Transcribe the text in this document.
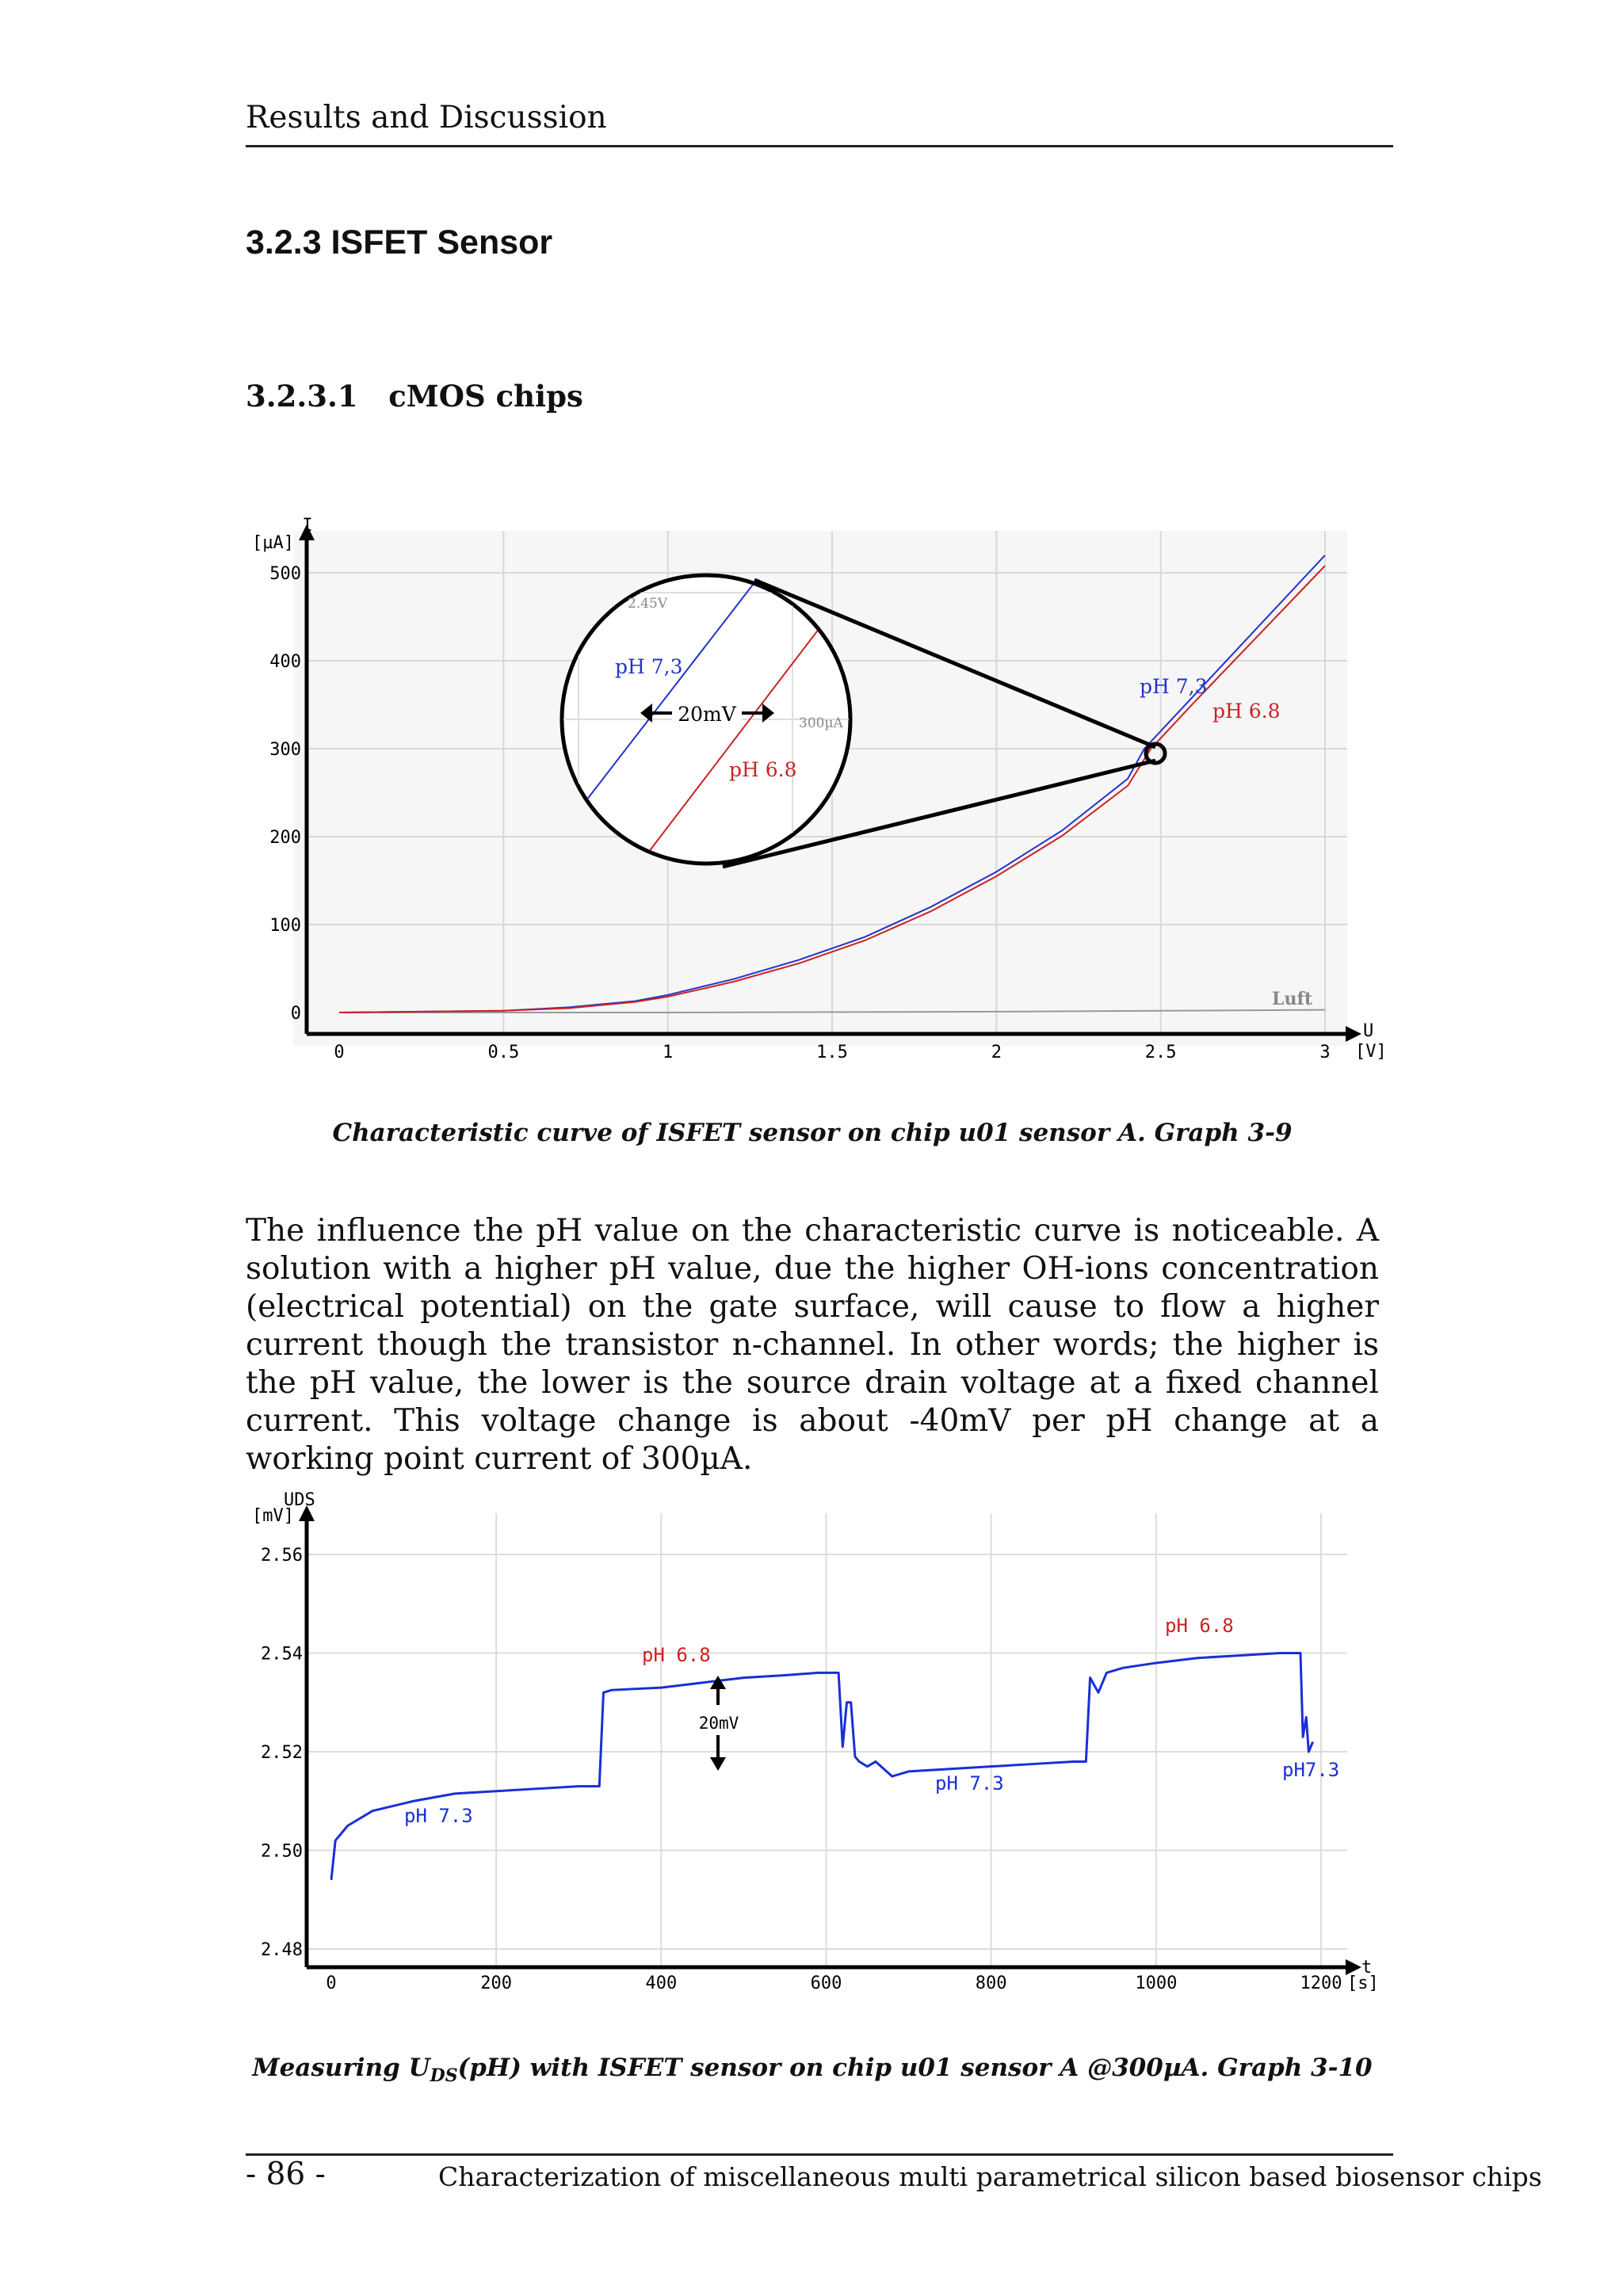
Results and Discussion
3.2.3 ISFET Sensor
3.2.3.1   cMOS chips
I
[µA]
U
[V]
0	0.5	1	1.5	2	2.5	3
0
100
200
300
400
500
2.45V
300µA
pH 7,3
pH 6.8
20mV
pH 7,3
pH 6.8
Luft
Characteristic curve of ISFET sensor on chip u01 sensor A. Graph 3-9
The influence the pH value on the characteristic curve is noticeable. A solution with a higher pH value, due the higher OH-ions concentration (electrical potential) on the gate surface, will cause to flow a higher current though the transistor n-channel. In other words; the higher is the pH value, the lower is the source drain voltage at a fixed channel current. This voltage change is about -40mV per pH change at a working point current of 300µA.
UDS
[mV]
t
[s]
0	200	400	600	800	1000	1200
2.48
2.50
2.52
2.54
2.56
20mV
pH 6.8
pH 7.3
pH 7.3
pH 6.8
pH7.3
Measuring $U_{DS}(pH)$ with ISFET sensor on chip u01 sensor A @300µA. Graph 3-10
- 86 -	Characterization of miscellaneous multi parametrical silicon based biosensor chips
